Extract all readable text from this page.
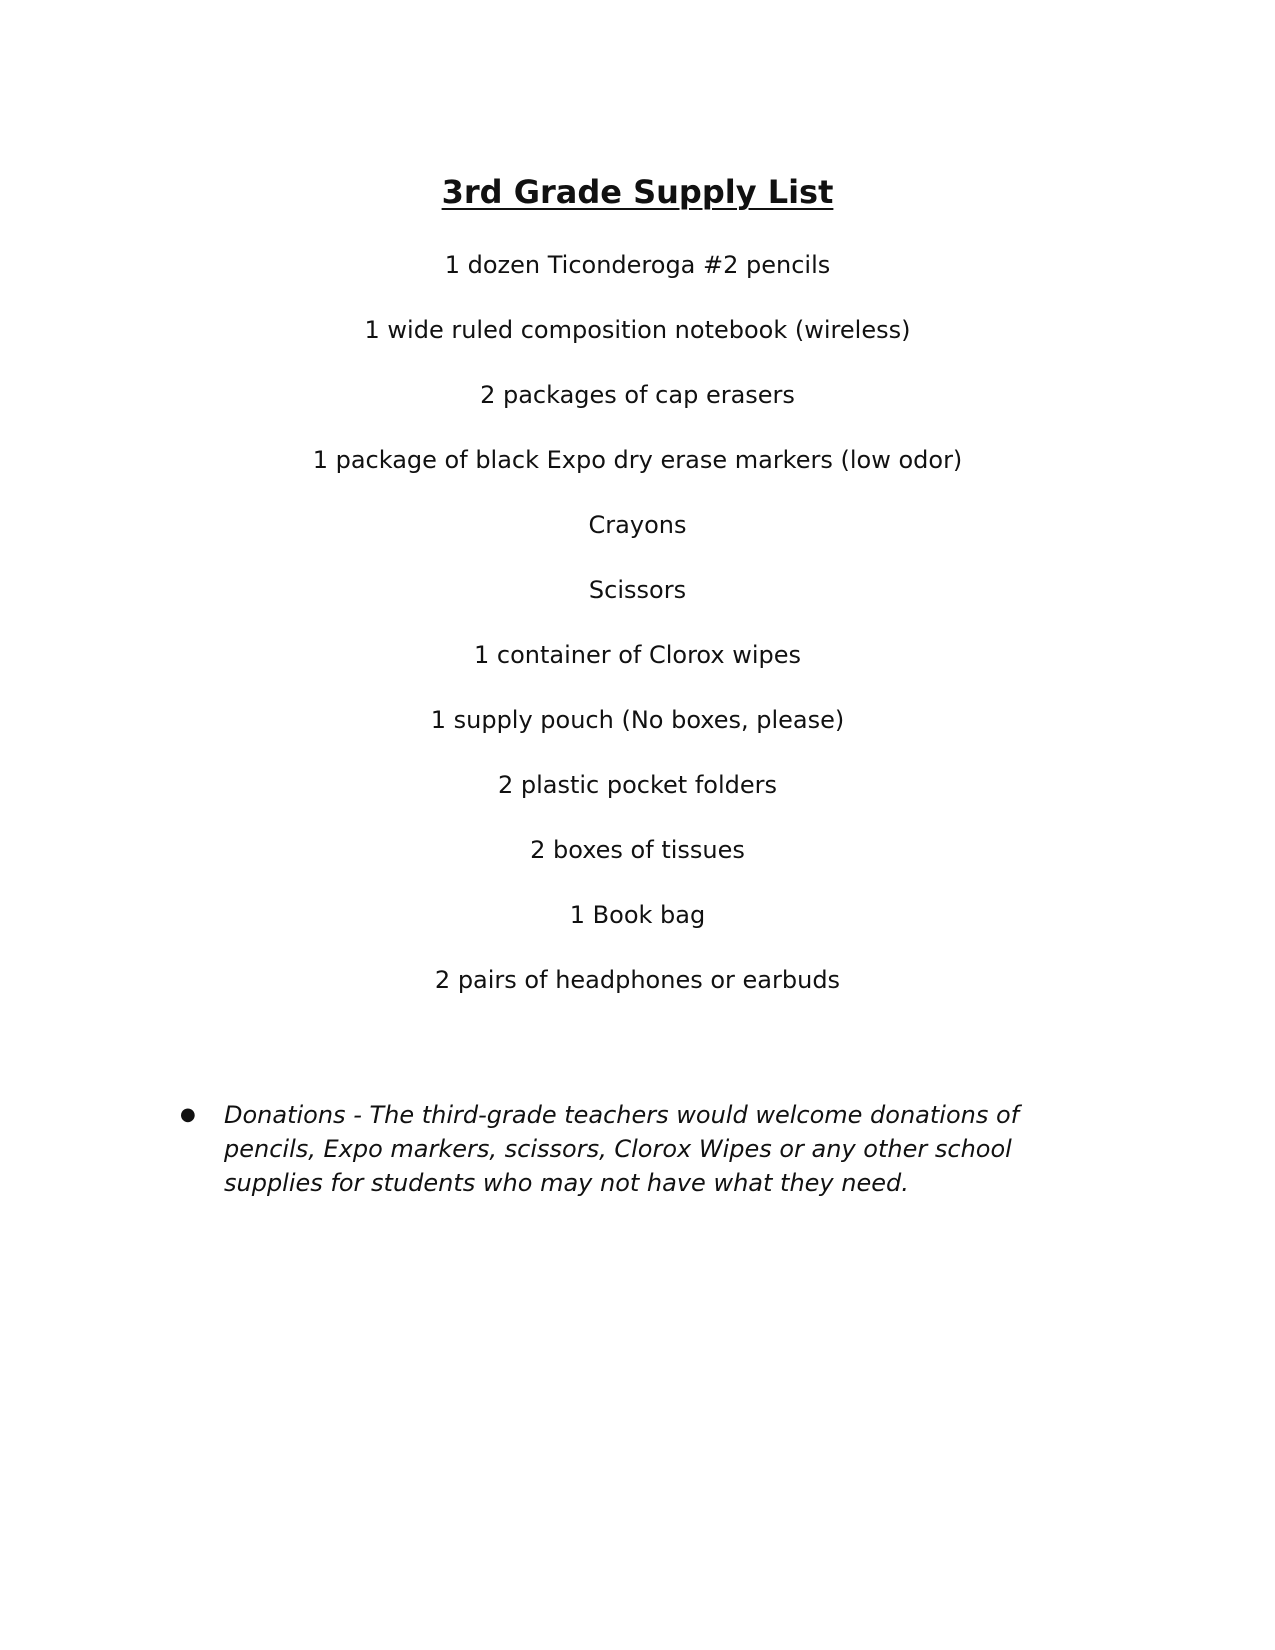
3rd Grade Supply List
1 dozen Ticonderoga #2 pencils
1 wide ruled composition notebook (wireless)
2 packages of cap erasers
1 package of black Expo dry erase markers (low odor)
Crayons
Scissors
1 container of Clorox wipes
1 supply pouch (No boxes, please)
2 plastic pocket folders
2 boxes of tissues
1 Book bag
2 pairs of headphones or earbuds
●	Donations - The third-grade teachers would welcome donations of pencils, Expo markers, scissors, Clorox Wipes or any other school supplies for students who may not have what they need.
